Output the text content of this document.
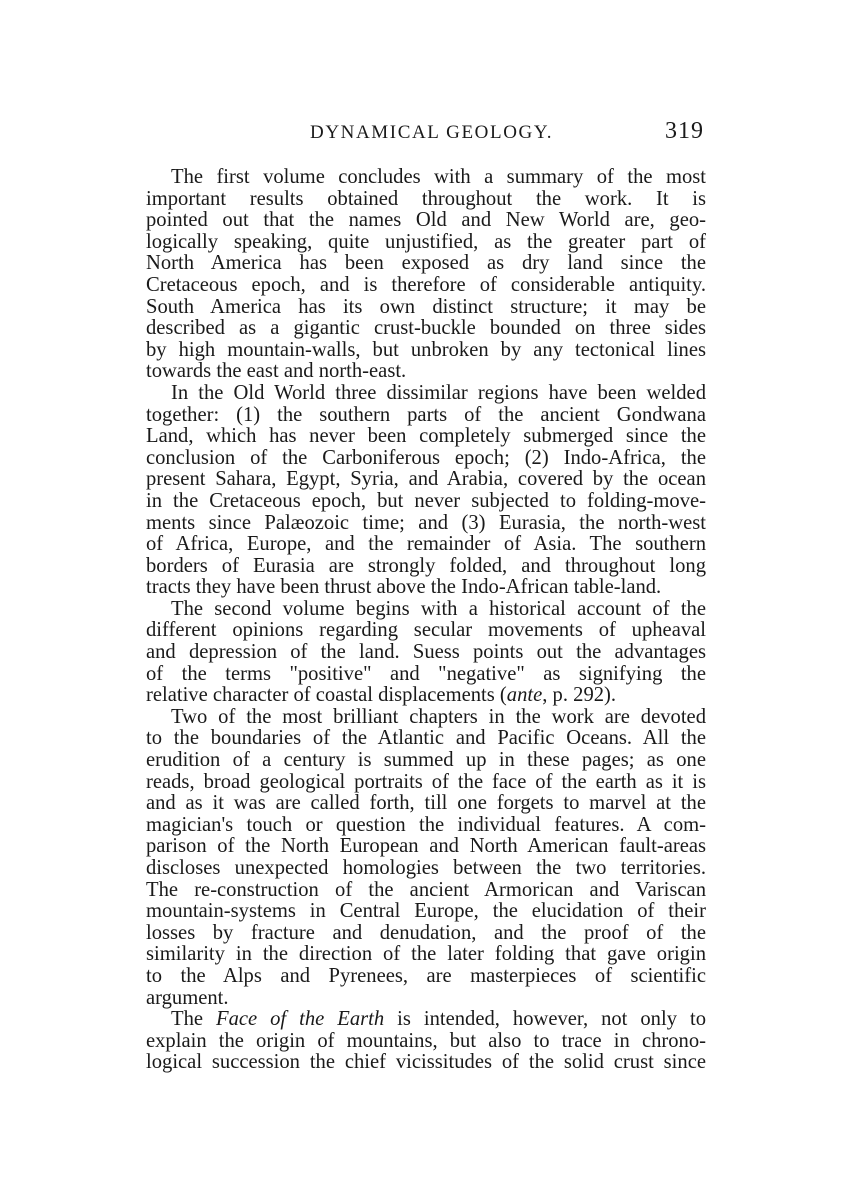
DYNAMICAL GEOLOGY.	319
The first volume concludes with a summary of the most
important results obtained throughout the work. It is
pointed out that the names Old and New World are, geo-
logically speaking, quite unjustified, as the greater part of
North America has been exposed as dry land since the
Cretaceous epoch, and is therefore of considerable antiquity.
South America has its own distinct structure; it may be
described as a gigantic crust-buckle bounded on three sides
by high mountain-walls, but unbroken by any tectonical lines
towards the east and north-east.
In the Old World three dissimilar regions have been welded
together: (1) the southern parts of the ancient Gondwana
Land, which has never been completely submerged since the
conclusion of the Carboniferous epoch; (2) Indo-Africa, the
present Sahara, Egypt, Syria, and Arabia, covered by the ocean
in the Cretaceous epoch, but never subjected to folding-move-
ments since Palæozoic time; and (3) Eurasia, the north-west
of Africa, Europe, and the remainder of Asia. The southern
borders of Eurasia are strongly folded, and throughout long
tracts they have been thrust above the Indo-African table-land.
The second volume begins with a historical account of the
different opinions regarding secular movements of upheaval
and depression of the land. Suess points out the advantages
of the terms "positive" and "negative" as signifying the
relative character of coastal displacements (ante, p. 292).
Two of the most brilliant chapters in the work are devoted
to the boundaries of the Atlantic and Pacific Oceans. All the
erudition of a century is summed up in these pages; as one
reads, broad geological portraits of the face of the earth as it is
and as it was are called forth, till one forgets to marvel at the
magician's touch or question the individual features. A com-
parison of the North European and North American fault-areas
discloses unexpected homologies between the two territories.
The re-construction of the ancient Armorican and Variscan
mountain-systems in Central Europe, the elucidation of their
losses by fracture and denudation, and the proof of the
similarity in the direction of the later folding that gave origin
to the Alps and Pyrenees, are masterpieces of scientific
argument.
The Face of the Earth is intended, however, not only to
explain the origin of mountains, but also to trace in chrono-
logical succession the chief vicissitudes of the solid crust since
